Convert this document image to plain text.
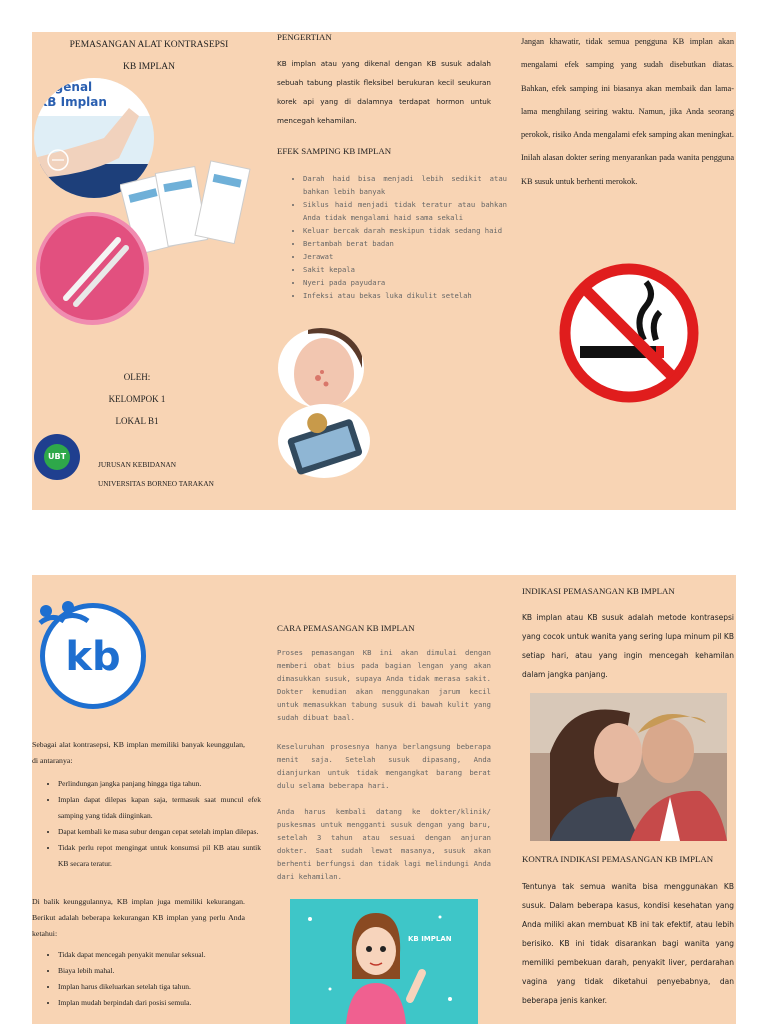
PEMASANGAN ALAT KONTRASEPSI
KB IMPLAN
engenal
KB Implan
OLEH:
KELOMPOK 1
LOKAL B1
UBT
JURUSAN KEBIDANAN
UNIVERSITAS BORNEO TARAKAN
PENGERTIAN
KB implan atau yang dikenal dengan KB susuk adalah sebuah tabung plastik fleksibel berukuran kecil seukuran korek api yang di dalamnya terdapat hormon untuk mencegah kehamilan.
EFEK SAMPING KB IMPLAN
• Darah haid bisa menjadi lebih sedikit atau bahkan lebih banyak
• Siklus haid menjadi tidak teratur atau bahkan Anda tidak mengalami haid sama sekali
• Keluar bercak darah meskipun tidak sedang haid
• Bertambah berat badan
• Jerawat
• Sakit kepala
• Nyeri pada payudara
• Infeksi atau bekas luka dikulit setelah
Jangan khawatir, tidak semua pengguna KB implan akan mengalami efek samping yang sudah disebutkan diatas. Bahkan, efek samping ini biasanya akan membaik dan lama-lama menghilang seiring waktu. Namun, jika Anda seorang perokok, risiko Anda mengalami efek samping akan meningkat. Inilah alasan dokter sering menyarankan pada wanita pengguna KB susuk untuk berhenti merokok.
kb
Sebagai alat kontrasepsi, KB implan memiliki banyak keunggulan, di antaranya:
• Perlindungan jangka panjang hingga tiga tahun.
• Implan dapat dilepas kapan saja, termasuk saat muncul efek samping yang tidak diinginkan.
• Dapat kembali ke masa subur dengan cepat setelah implan dilepas.
• Tidak perlu repot mengingat untuk konsumsi pil KB atau suntik KB secara teratur.
Di balik keunggulannya, KB implan juga memiliki kekurangan. Berikut adalah beberapa kekurangan KB implan yang perlu Anda ketahui:
• Tidak dapat mencegah penyakit menular seksual.
• Biaya lebih mahal.
• Implan harus dikeluarkan setelah tiga tahun.
• Implan mudah berpindah dari posisi semula.
CARA PEMASANGAN KB IMPLAN
Proses pemasangan KB ini akan dimulai dengan memberi obat bius pada bagian lengan yang akan dimasukkan susuk, supaya Anda tidak merasa sakit. Dokter kemudian akan menggunakan jarum kecil untuk memasukkan tabung susuk di bawah kulit yang sudah dibuat baal.
Keseluruhan prosesnya hanya berlangsung beberapa menit saja. Setelah susuk dipasang, Anda dianjurkan untuk tidak mengangkat barang berat dulu selama beberapa hari.
Anda harus kembali datang ke dokter/klinik/ puskesmas untuk mengganti susuk dengan yang baru, setelah 3 tahun atau sesuai dengan anjuran dokter. Saat sudah lewat masanya, susuk akan berhenti berfungsi dan tidak lagi melindungi Anda dari kehamilan.
KB IMPLAN
INDIKASI PEMASANGAN KB IMPLAN
KB implan atau KB susuk adalah metode kontrasepsi yang cocok untuk wanita yang sering lupa minum pil KB setiap hari, atau yang ingin mencegah kehamilan dalam jangka panjang.
KONTRA INDIKASI PEMASANGAN KB IMPLAN
Tentunya tak semua wanita bisa menggunakan KB susuk. Dalam beberapa kasus, kondisi kesehatan yang Anda miliki akan membuat KB ini tak efektif, atau lebih berisiko. KB ini tidak disarankan bagi wanita yang memiliki pembekuan darah, penyakit liver, perdarahan vagina yang tidak diketahui penyebabnya, dan beberapa jenis kanker.
